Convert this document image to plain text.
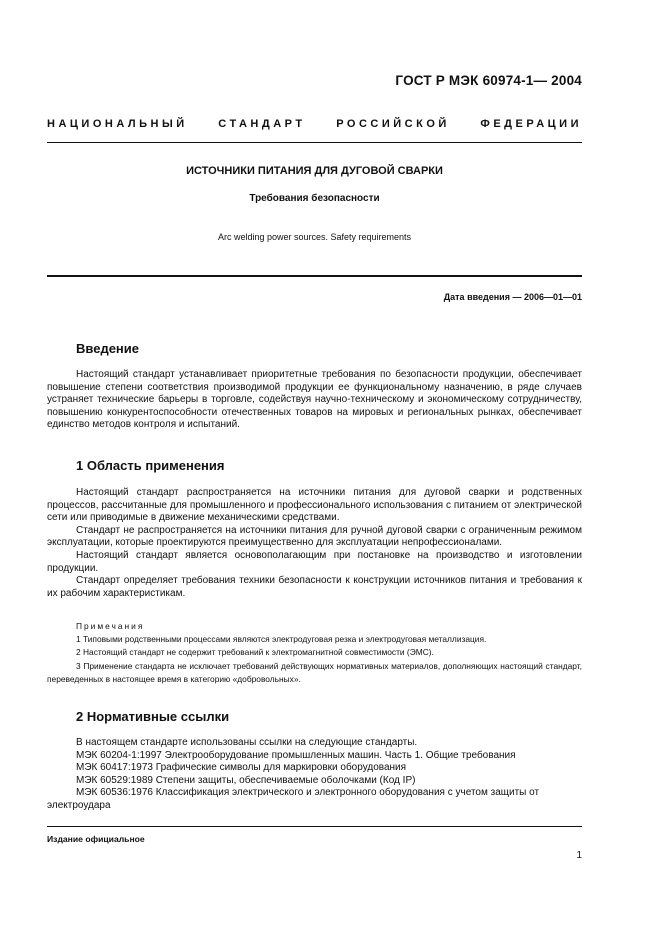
ГОСТ Р МЭК 60974-1— 2004
НАЦИОНАЛЬНЫЙ СТАНДАРТ РОССИЙСКОЙ ФЕДЕРАЦИИ
ИСТОЧНИКИ ПИТАНИЯ ДЛЯ ДУГОВОЙ СВАРКИ
Требования безопасности
Arc welding power sources. Safety requirements
Дата введения — 2006—01—01
Введение

Настоящий стандарт устанавливает приоритетные требования по безопасности продукции, обеспечивает повышение степени соответствия производимой продукции ее функциональному назначению, в ряде случаев устраняет технические барьеры в торговле, содействуя научно-техническому и экономическому сотрудничеству, повышению конкурентоспособности отечественных товаров на мировых и региональных рынках, обеспечивает единство методов контроля и испытаний.

1 Область применения

Настоящий стандарт распространяется на источники питания для дуговой сварки и родственных процессов, рассчитанные для промышленного и профессионального использования с питанием от электрической сети или приводимые в движение механическими средствами.

Стандарт не распространяется на источники питания для ручной дуговой сварки с ограниченным режимом эксплуатации, которые проектируются преимущественно для эксплуатации непрофессионалами.

Настоящий стандарт является основополагающим при постановке на производство и изготовлении продукции.

Стандарт определяет требования техники безопасности к конструкции источников питания и требования к их рабочим характеристикам.

Примечания
1 Типовыми родственными процессами являются электродуговая резка и электродуговая металлизация.
2 Настоящий стандарт не содержит требований к электромагнитной совместимости (ЭМС).
3 Применение стандарта не исключает требований действующих нормативных материалов, дополняющих настоящий стандарт, переведенных в настоящее время в категорию «добровольных».
2 Нормативные ссылки
В настоящем стандарте использованы ссылки на следующие стандарты.
МЭК 60204-1:1997 Электрооборудование промышленных машин. Часть 1. Общие требования
МЭК 60417:1973 Графические символы для маркировки оборудования
МЭК 60529:1989 Степени защиты, обеспечиваемые оболочками (Код IP)
МЭК 60536:1976 Классификация электрического и электронного оборудования с учетом защиты от электроудара
Издание официальное
1
